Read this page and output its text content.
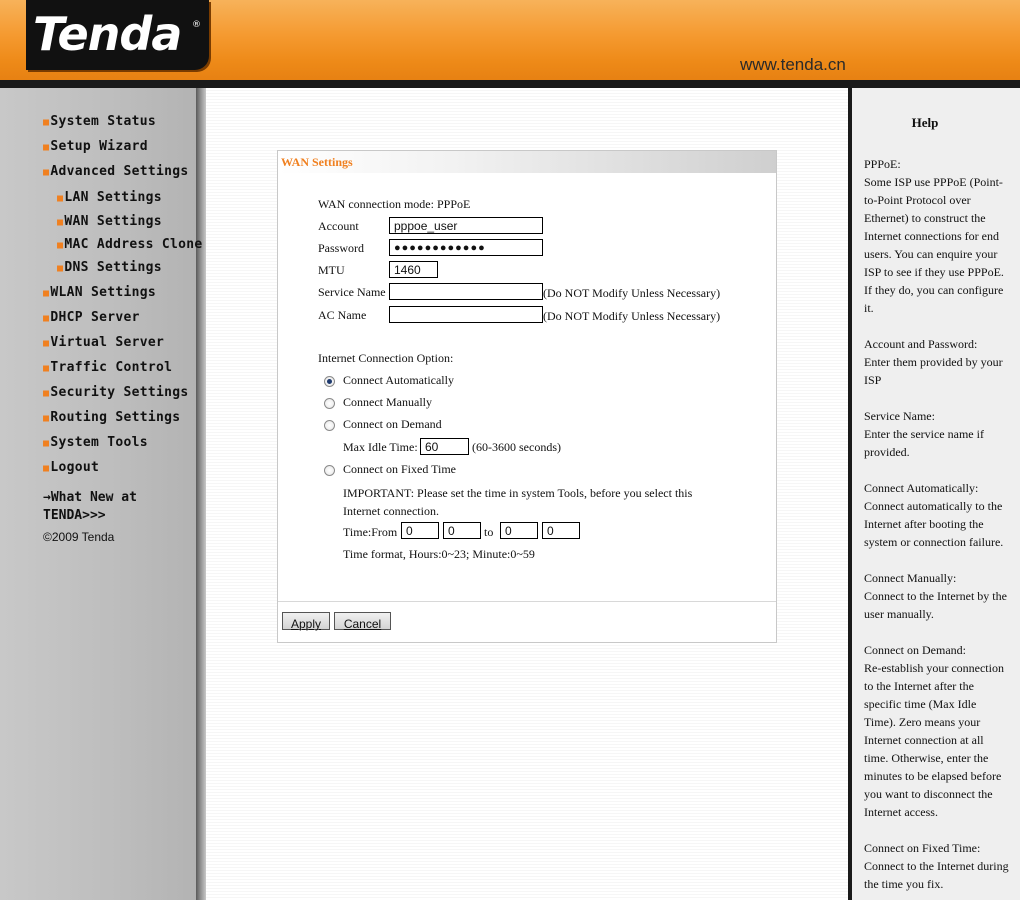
Tenda ®
www.tenda.cn
■System Status
■Setup Wizard
■Advanced Settings
■LAN Settings
■WAN Settings
■MAC Address Clone
■DNS Settings
■WLAN Settings
■DHCP Server
■Virtual Server
■Traffic Control
■Security Settings
■Routing Settings
■System Tools
■Logout
→What New at TENDA>>>
©2009 Tenda
WAN Settings
WAN connection mode: PPPoE
Account	pppoe_user
Password	●●●●●●●●●●●●
MTU	1460
Service Name	(Do NOT Modify Unless Necessary)
AC Name	(Do NOT Modify Unless Necessary)
Internet Connection Option:
Connect Automatically
Connect Manually
Connect on Demand
Max Idle Time: 60	(60-3600 seconds)
Connect on Fixed Time
IMPORTANT: Please set the time in system Tools, before you select this Internet connection.
Time:From 0	0	to 0	0
Time format, Hours:0~23; Minute:0~59
Apply	Cancel
Help
PPPoE:
Some ISP use PPPoE (Point-to-Point Protocol over Ethernet) to construct the Internet connections for end users. You can enquire your ISP to see if they use PPPoE. If they do, you can configure it.
Account and Password:
Enter them provided by your ISP
Service Name:
Enter the service name if provided.
Connect Automatically:
Connect automatically to the Internet after booting the system or connection failure.
Connect Manually:
Connect to the Internet by the user manually.
Connect on Demand:
Re-establish your connection to the Internet after the specific time (Max Idle Time). Zero means your Internet connection at all time. Otherwise, enter the minutes to be elapsed before you want to disconnect the Internet access.
Connect on Fixed Time:
Connect to the Internet during the time you fix.
